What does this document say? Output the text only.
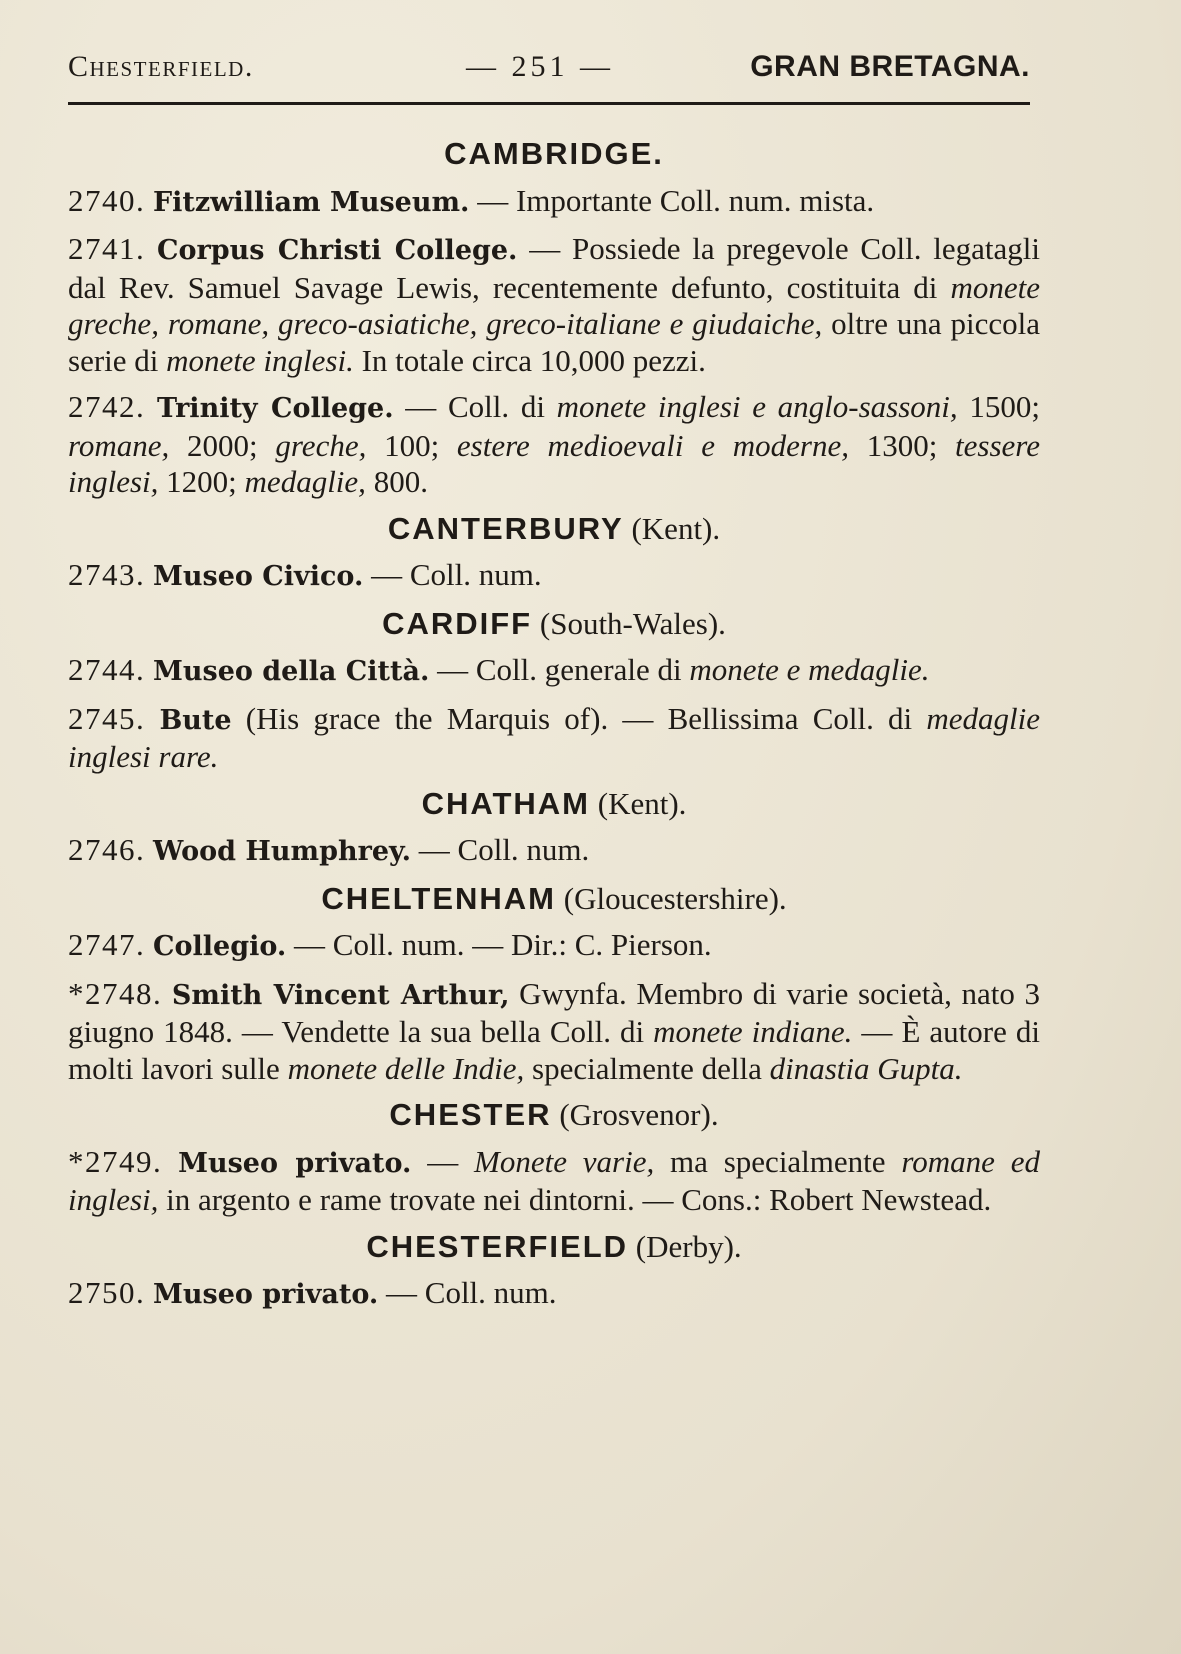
Chesterfield.	— 251 —	GRAN BRETAGNA.
CAMBRIDGE.
2740. Fitzwilliam Museum. — Importante Coll. num. mista.
2741. Corpus Christi College. — Possiede la pregevole Coll. legatagli dal Rev. Samuel Savage Lewis, recentemente defunto, costituita di monete greche, romane, greco-asiatiche, greco-italiane e giudaiche, oltre una piccola serie di monete inglesi. In totale circa 10,000 pezzi.
2742. Trinity College. — Coll. di monete inglesi e anglo-sassoni, 1500; romane, 2000; greche, 100; estere medioevali e moderne, 1300; tessere inglesi, 1200; medaglie, 800.
CANTERBURY (Kent).
2743. Museo Civico. — Coll. num.
CARDIFF (South-Wales).
2744. Museo della Città. — Coll. generale di monete e medaglie.
2745. Bute (His grace the Marquis of). — Bellissima Coll. di medaglie inglesi rare.
CHATHAM (Kent).
2746. Wood Humphrey. — Coll. num.
CHELTENHAM (Gloucestershire).
2747. Collegio. — Coll. num. — Dir.: C. Pierson.
*2748. Smith Vincent Arthur, Gwynfa. Membro di varie società, nato 3 giugno 1848. — Vendette la sua bella Coll. di monete indiane. — È autore di molti lavori sulle monete delle Indie, specialmente della dinastia Gupta.
CHESTER (Grosvenor).
*2749. Museo privato. — Monete varie, ma specialmente romane ed inglesi, in argento e rame trovate nei dintorni. — Cons.: Robert Newstead.
CHESTERFIELD (Derby).
2750. Museo privato. — Coll. num.
